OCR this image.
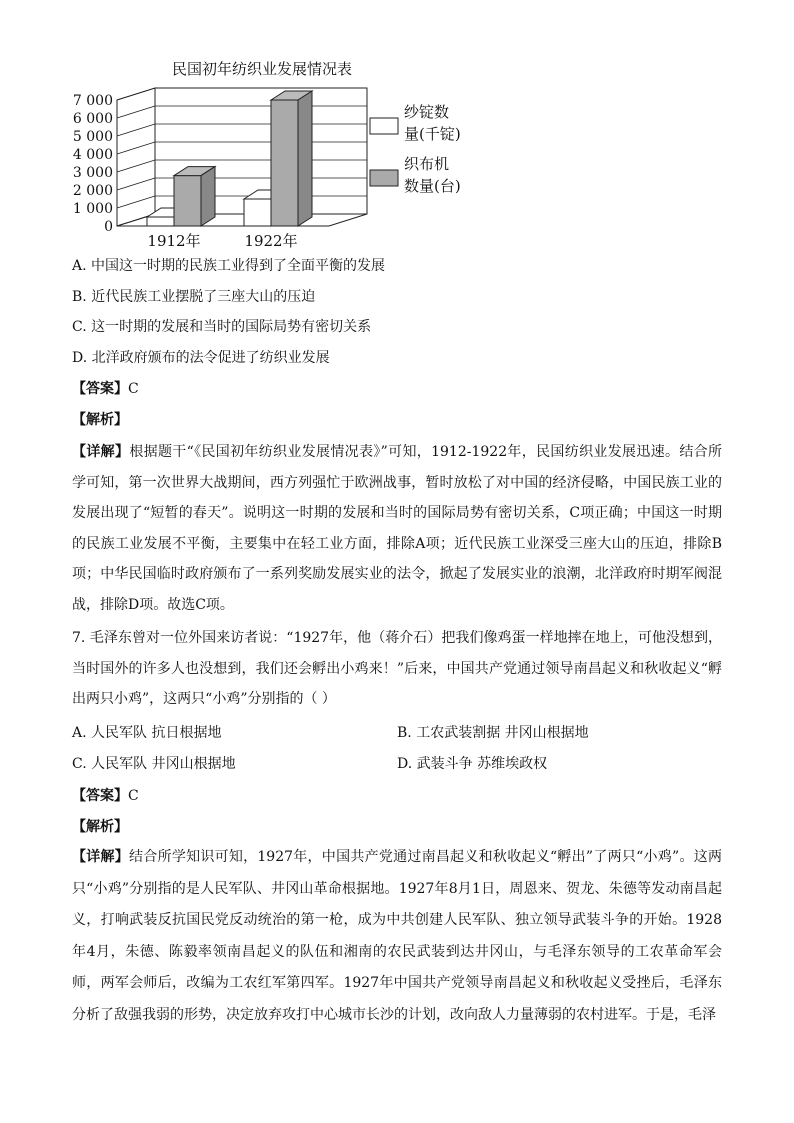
民国初年纺织业发展情况表
7 000
6 000
5 000
4 000
3 000
2 000
1 000
0
1912年	1922年
纱锭数
量(千锭)
织布机
数量(台)
A. 中国这一时期的民族工业得到了全面平衡的发展
B. 近代民族工业摆脱了三座大山的压迫
C. 这一时期的发展和当时的国际局势有密切关系
D. 北洋政府颁布的法令促进了纺织业发展
【答案】C
【解析】
【详解】根据题干“《民国初年纺织业发展情况表》”可知，1912-1922年，民国纺织业发展迅速。结合所学可知，第一次世界大战期间，西方列强忙于欧洲战事，暂时放松了对中国的经济侵略，中国民族工业的发展出现了“短暂的春天”。说明这一时期的发展和当时的国际局势有密切关系，C项正确；中国这一时期的民族工业发展不平衡，主要集中在轻工业方面，排除A项；近代民族工业深受三座大山的压迫，排除B项；中华民国临时政府颁布了一系列奖励发展实业的法令，掀起了发展实业的浪潮，北洋政府时期军阀混战，排除D项。故选C项。
7. 毛泽东曾对一位外国来访者说：“1927年，他（蒋介石）把我们像鸡蛋一样地摔在地上，可他没想到，当时国外的许多人也没想到，我们还会孵出小鸡来！”后来，中国共产党通过领导南昌起义和秋收起义“孵出两只小鸡”，这两只“小鸡”分别指的（ ）
A. 人民军队 抗日根据地	B. 工农武装割据 井冈山根据地
C. 人民军队 井冈山根据地	D. 武装斗争 苏维埃政权
【答案】C
【解析】
【详解】结合所学知识可知，1927年，中国共产党通过南昌起义和秋收起义“孵出”了两只“小鸡”。这两只“小鸡”分别指的是人民军队、井冈山革命根据地。1927年8月1日，周恩来、贺龙、朱德等发动南昌起义，打响武装反抗国民党反动统治的第一枪，成为中共创建人民军队、独立领导武装斗争的开始。1928年4月，朱德、陈毅率领南昌起义的队伍和湘南的农民武装到达井冈山，与毛泽东领导的工农革命军会师，两军会师后，改编为工农红军第四军。1927年中国共产党领导南昌起义和秋收起义受挫后，毛泽东分析了敌强我弱的形势，决定放弃攻打中心城市长沙的计划，改向敌人力量薄弱的农村进军。于是，毛泽
